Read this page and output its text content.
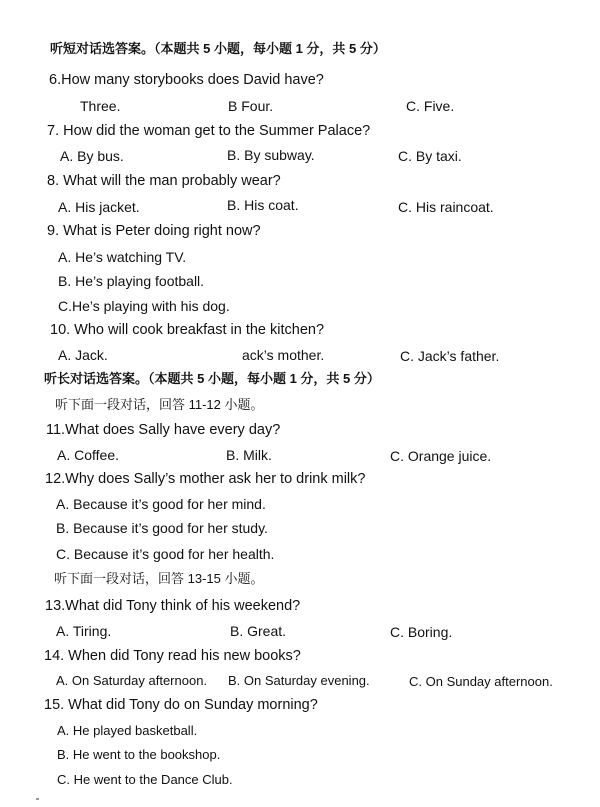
听短对话选答案。（本题共 5 小题，每小题 1 分，共 5 分）
6.How many storybooks does David have?
Three.	B Four.	C. Five.
7. How did the woman get to the Summer Palace?
A. By bus.	B. By subway.	C. By taxi.
8. What will the man probably wear?
A. His jacket.	B. His coat.	C. His raincoat.
9. What is Peter doing right now?
A. He’s watching TV.
B. He’s playing football.
C.He’s playing with his dog.
10. Who will cook breakfast in the kitchen?
A. Jack.	ack’s mother.	C. Jack’s father.
听长对话选答案。（本题共 5 小题，每小题 1 分，共 5 分）
听下面一段对话，回答 11-12 小题。
11.What does Sally have every day?
A. Coffee.	B. Milk.	C. Orange juice.
12.Why does Sally’s mother ask her to drink milk?
A. Because it’s good for her mind.
B. Because it’s good for her study.
C. Because it’s good for her health.
听下面一段对话，回答 13-15 小题。
13.What did Tony think of his weekend?
A. Tiring.	B. Great.	C. Boring.
14. When did Tony read his new books?
A. On Saturday afternoon. B. On Saturday evening.	C. On Sunday afternoon.
15. What did Tony do on Sunday morning?
A. He played basketball.
B. He went to the bookshop.
C. He went to the Dance Club.
